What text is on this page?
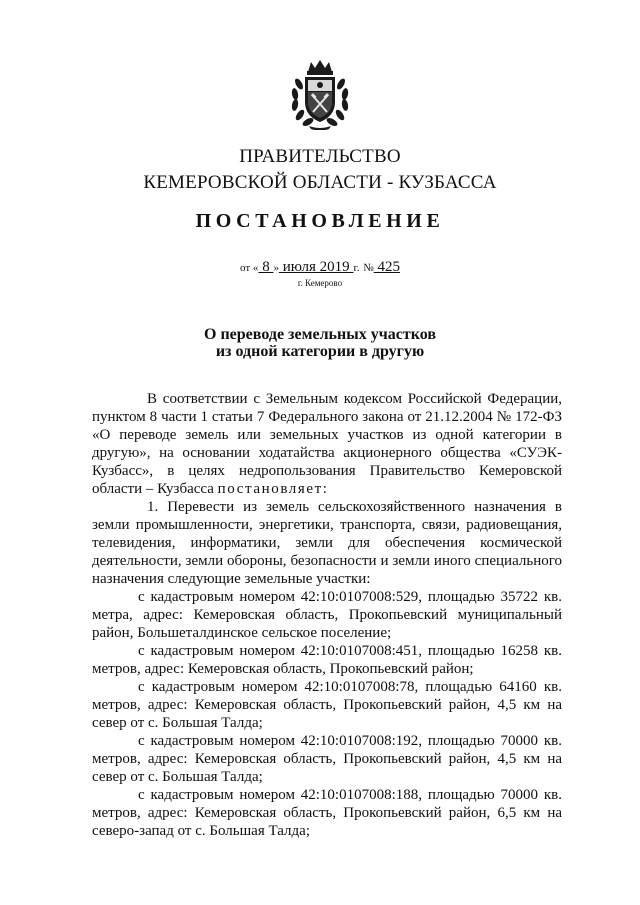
ПРАВИТЕЛЬСТВО
КЕМЕРОВСКОЙ ОБЛАСТИ - КУЗБАССА
ПОСТАНОВЛЕНИЕ
от « 8 » июля 2019 г. № 425
г. Кемерово
О переводе земельных участков
из одной категории в другую

В соответствии с Земельным кодексом Российской Федерации, пунктом 8 части 1 статьи 7 Федерального закона от 21.12.2004 № 172-ФЗ «О переводе земель или земельных участков из одной категории в другую», на основании ходатайства акционерного общества «СУЭК-Кузбасс», в целях недропользования Правительство Кемеровской области – Кузбасса постановляет:

1. Перевести из земель сельскохозяйственного назначения в земли промышленности, энергетики, транспорта, связи, радиовещания, телевидения, информатики, земли для обеспечения космической деятельности, земли обороны, безопасности и земли иного специального назначения следующие земельные участки:

с кадастровым номером 42:10:0107008:529, площадью 35722 кв. метра, адрес: Кемеровская область, Прокопьевский муниципальный район, Большеталдинское сельское поселение;

с кадастровым номером 42:10:0107008:451, площадью 16258 кв. метров, адрес: Кемеровская область, Прокопьевский район;

с кадастровым номером 42:10:0107008:78, площадью 64160 кв. метров, адрес: Кемеровская область, Прокопьевский район, 4,5 км на север от с. Большая Талда;

с кадастровым номером 42:10:0107008:192, площадью 70000 кв. метров, адрес: Кемеровская область, Прокопьевский район, 4,5 км на север от с. Большая Талда;

с кадастровым номером 42:10:0107008:188, площадью 70000 кв. метров, адрес: Кемеровская область, Прокопьевский район, 6,5 км на северо-запад от с. Большая Талда;
